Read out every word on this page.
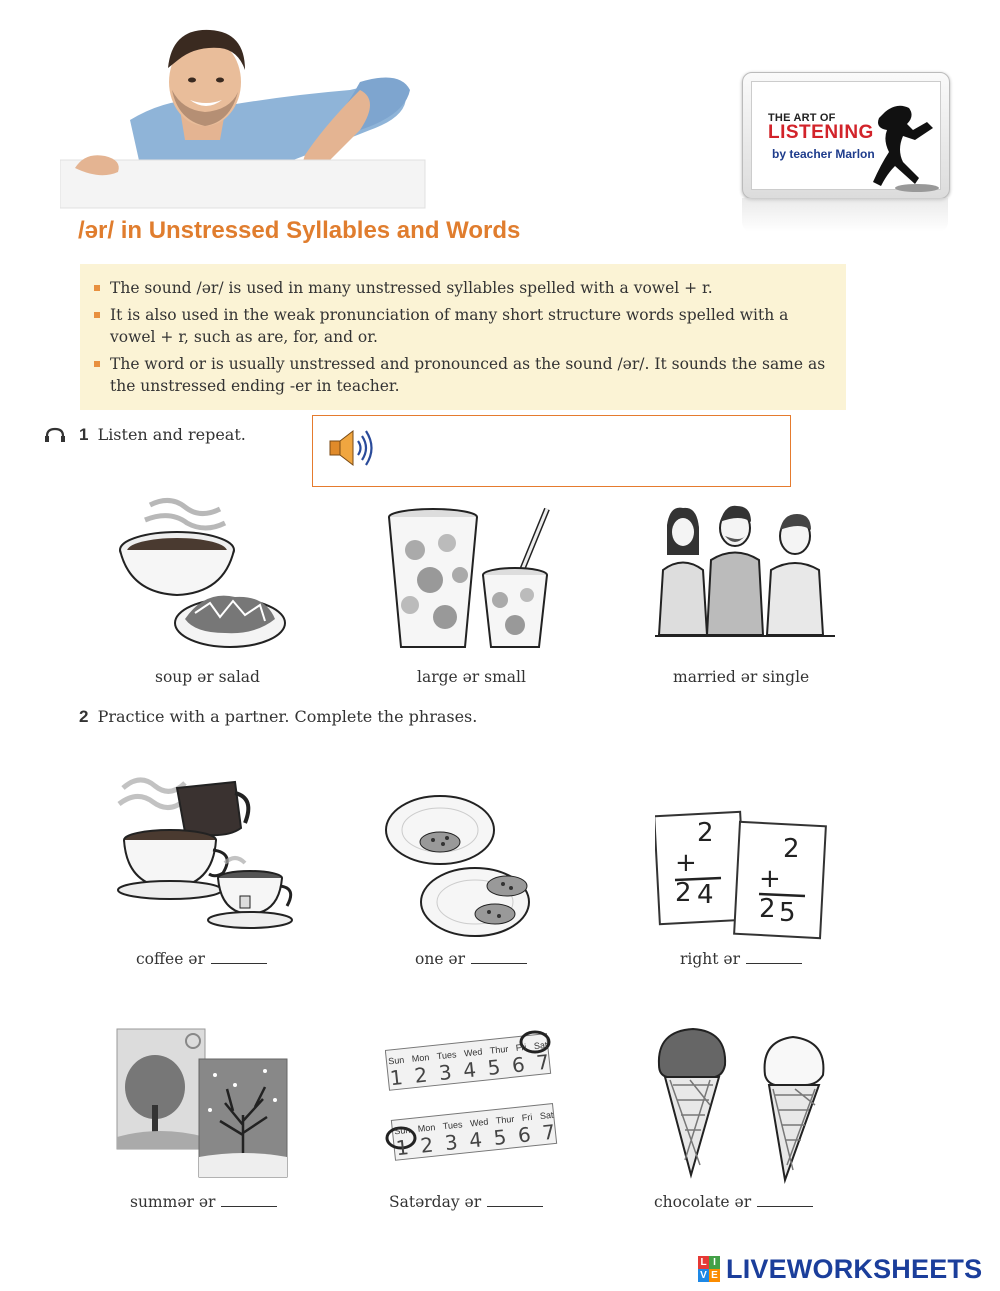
THE ART OF
LISTENING
by teacher Marlon
/ər/ in Unstressed Syllables and Words
The sound /ər/ is used in many unstressed syllables spelled with a vowel + r.
It is also used in the weak pronunciation of many short structure words spelled with a vowel + r, such as are, for, and or.
The word or is usually unstressed and pronounced as the sound /ər/. It sounds the same as the unstressed ending -er in teacher.
1 Listen and repeat.
soup ər salad	large ər small	married ər single
2 Practice with a partner. Complete the phrases.
2
+ 2 4
2
+ 2 5
coffee ər	one ər	right ər
Sun Mon Tues Wed Thur Fri Sat
1 2 3 4 5 6 7
Sun Mon Tues Wed Thur Fri Sat
1 2 3 4 5 6 7
summər ər	Satərday ər	chocolate ər
L I
V E LIVEWORKSHEETS
